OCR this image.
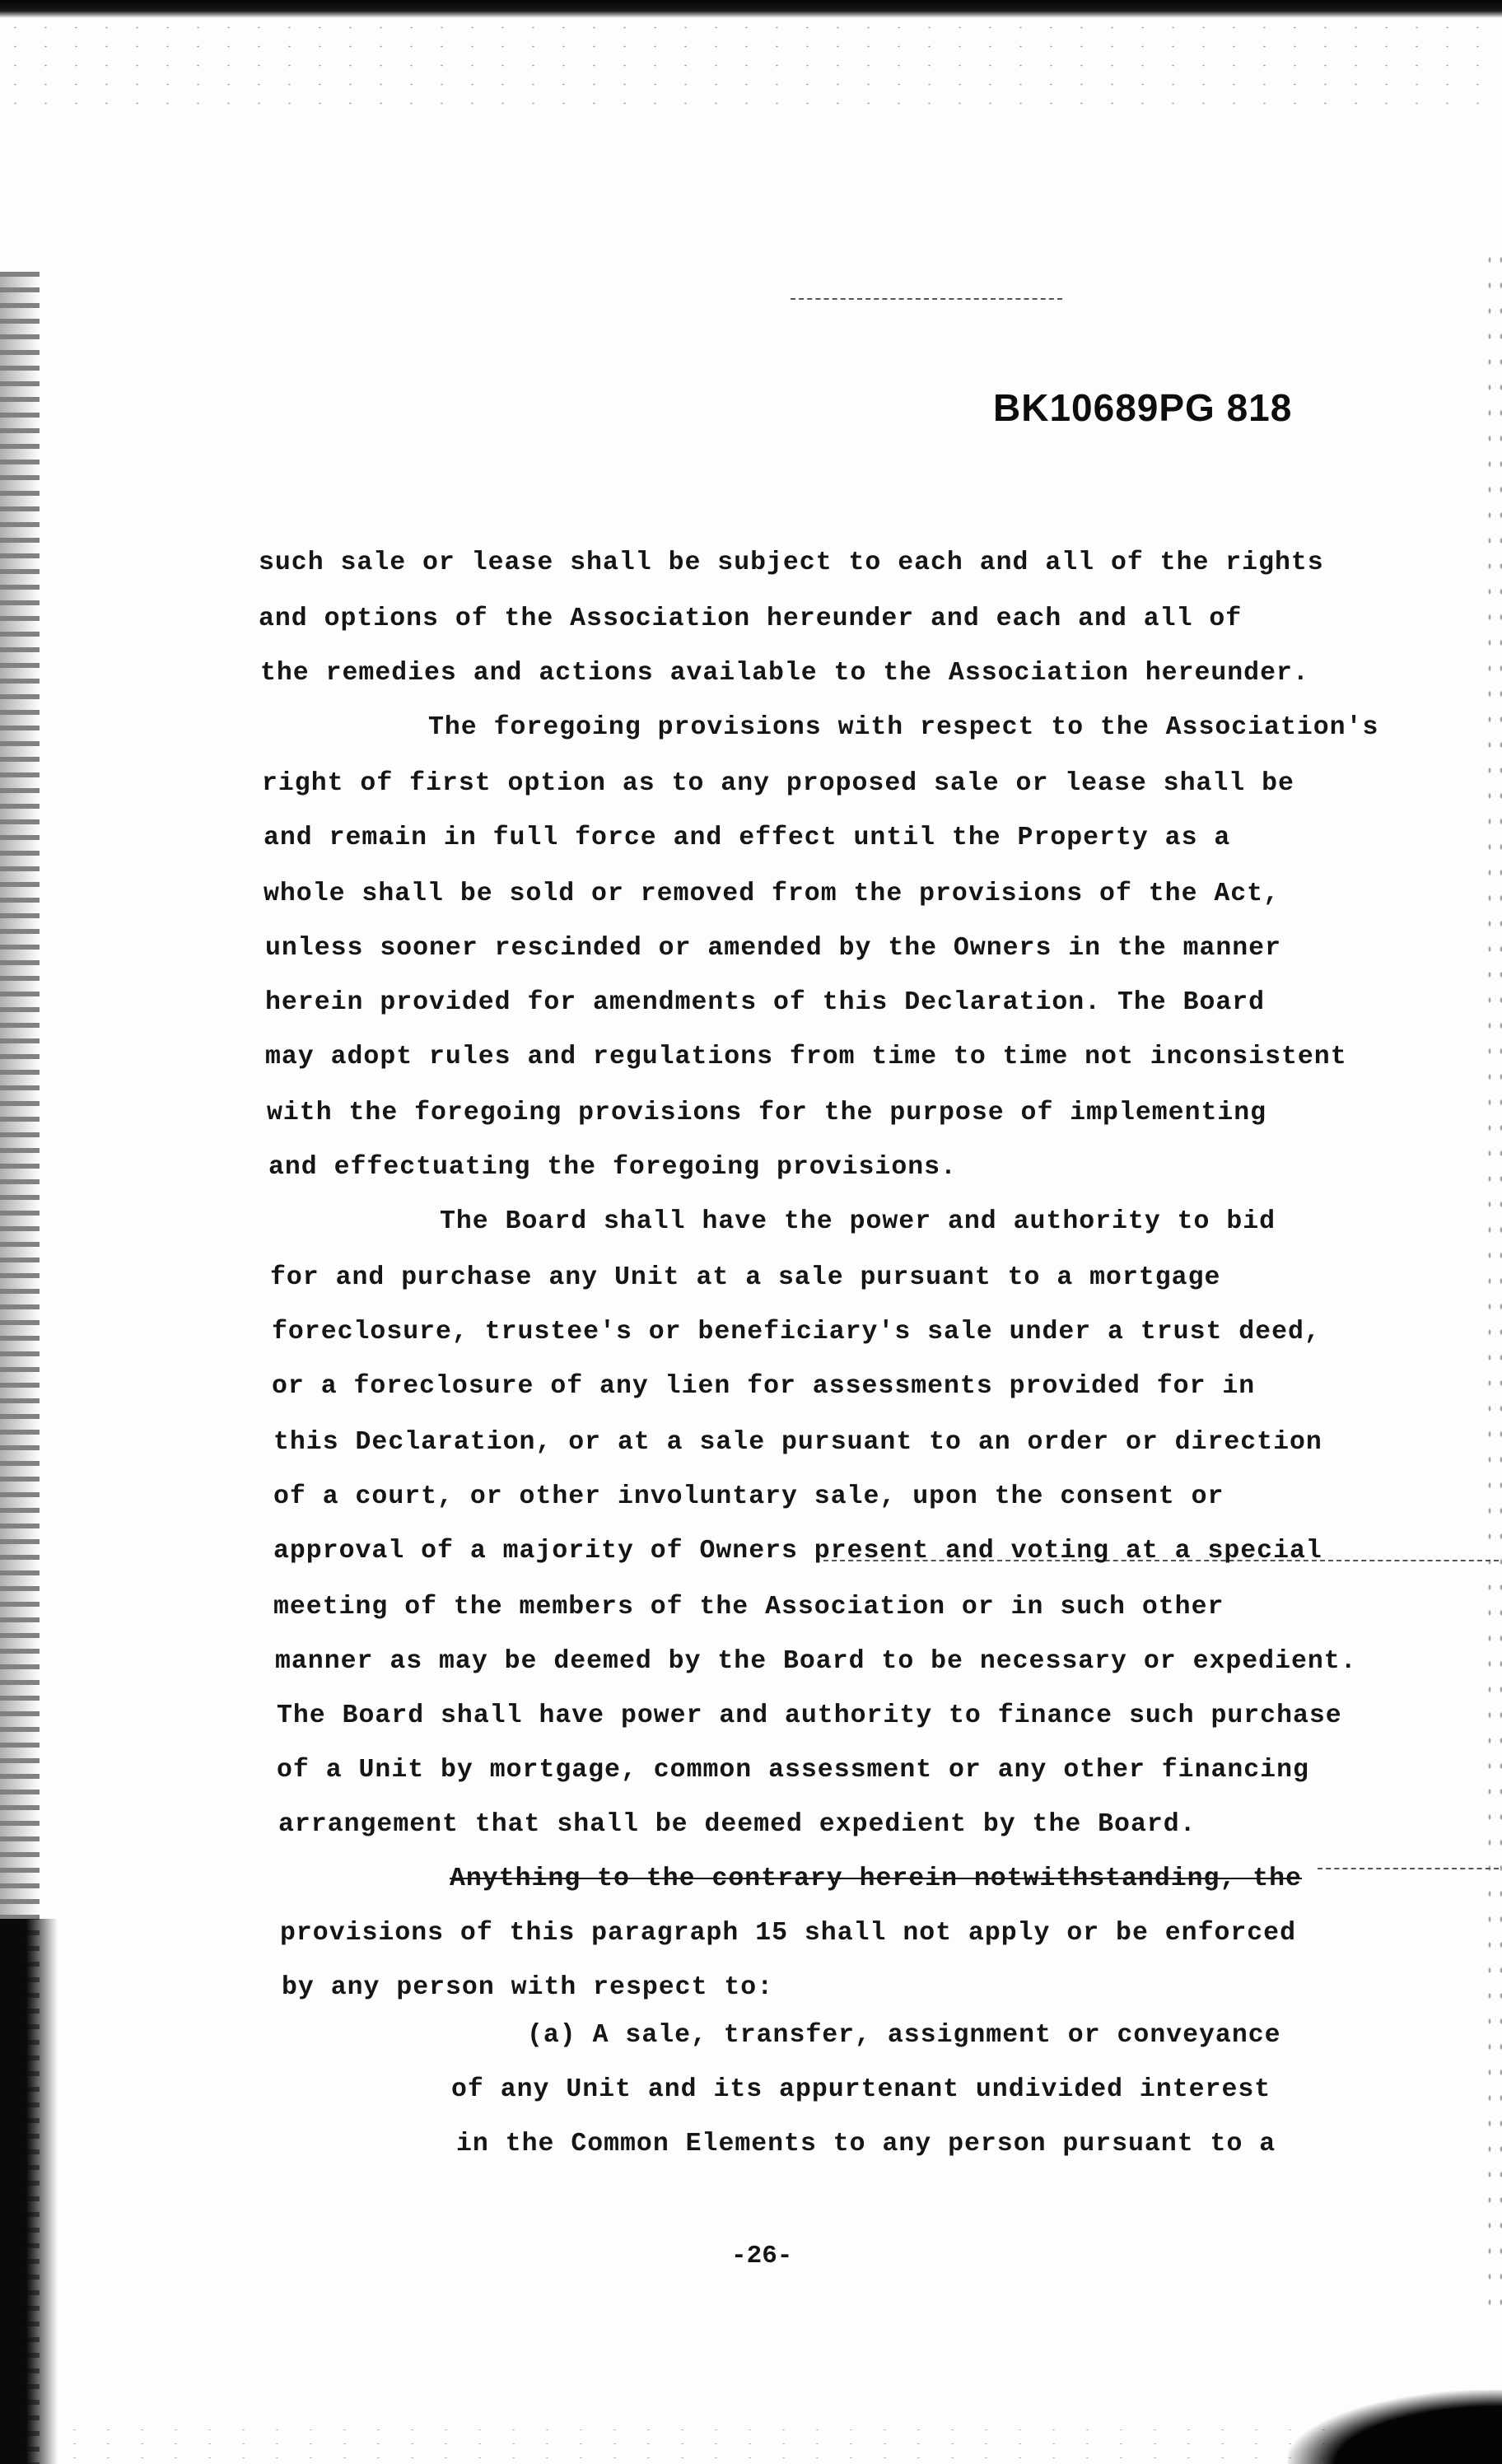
BK10689PG 818

such sale or lease shall be subject to each and all of the rights

and options of the Association hereunder and each and all of

the remedies and actions available to the Association hereunder.

The foregoing provisions with respect to the Association's

right of first option as to any proposed sale or lease shall be

and remain in full force and effect until the Property as a

whole shall be sold or removed from the provisions of the Act,

unless sooner rescinded or amended by the Owners in the manner

herein provided for amendments of this Declaration. The Board

may adopt rules and regulations from time to time not inconsistent

with the foregoing provisions for the purpose of implementing

and effectuating the foregoing provisions.

The Board shall have the power and authority to bid

for and purchase any Unit at a sale pursuant to a mortgage

foreclosure, trustee's or beneficiary's sale under a trust deed,

or a foreclosure of any lien for assessments provided for in

this Declaration, or at a sale pursuant to an order or direction

of a court, or other involuntary sale, upon the consent or

approval of a majority of Owners present and voting at a special

meeting of the members of the Association or in such other

manner as may be deemed by the Board to be necessary or expedient.

The Board shall have power and authority to finance such purchase

of a Unit by mortgage, common assessment or any other financing

arrangement that shall be deemed expedient by the Board.

Anything to the contrary herein notwithstanding, the

provisions of this paragraph 15 shall not apply or be enforced

by any person with respect to:

(a) A sale, transfer, assignment or conveyance

of any Unit and its appurtenant undivided interest

in the Common Elements to any person pursuant to a

-26-
